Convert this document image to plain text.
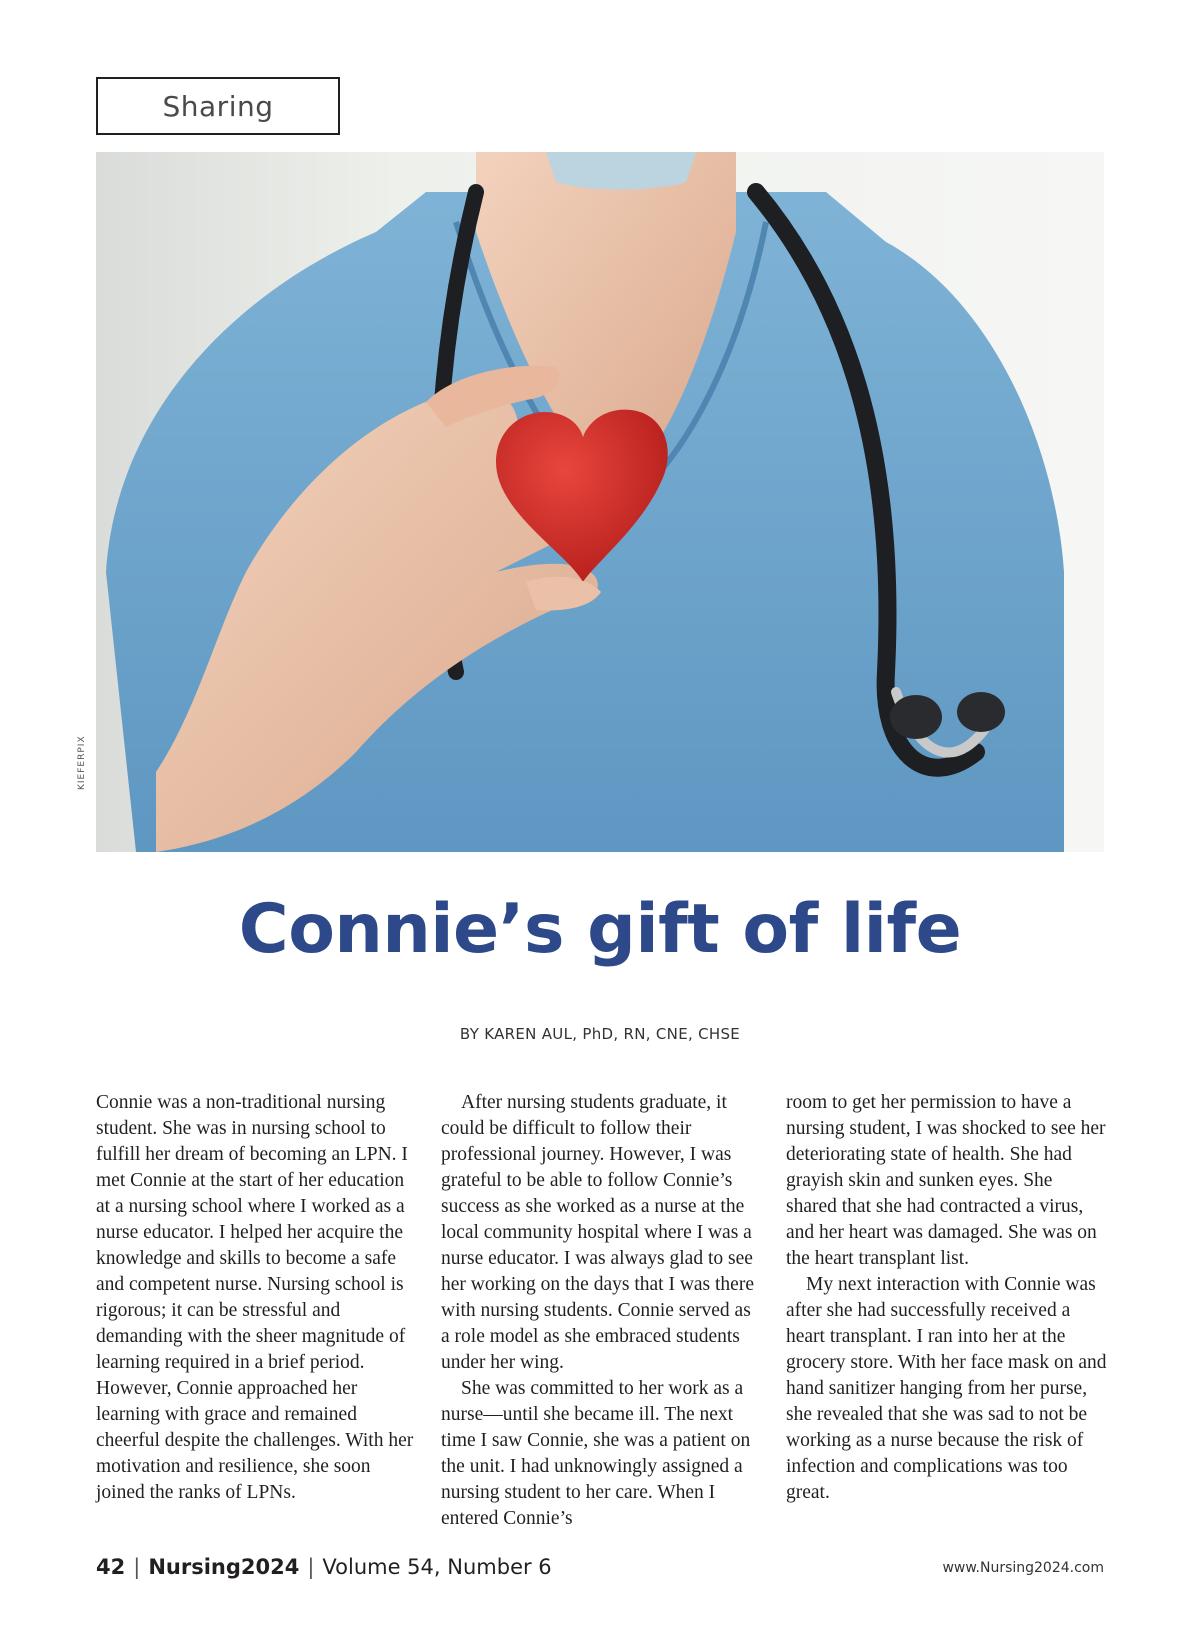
Sharing
KIEFERPIX
Connie’s gift of life
BY KAREN AUL, PhD, RN, CNE, CHSE

Connie was a non-traditional nursing student. She was in nursing school to fulfill her dream of becoming an LPN. I met Connie at the start of her education at a nursing school where I worked as a nurse educator. I helped her acquire the knowledge and skills to become a safe and competent nurse. Nursing school is rigorous; it can be stressful and demanding with the sheer magnitude of learning required in a brief period. However, Connie approached her learning with grace and remained cheerful despite the challenges. With her motivation and resilience, she soon joined the ranks of LPNs.

After nursing students graduate, it could be difficult to follow their professional journey. However, I was grateful to be able to follow Connie’s success as she worked as a nurse at the local community hospital where I was a nurse educator. I was always glad to see her working on the days that I was there with nursing students. Connie served as a role model as she embraced students under her wing.

She was committed to her work as a nurse—until she became ill. The next time I saw Connie, she was a patient on the unit. I had unknowingly assigned a nursing student to her care. When I entered Connie’s

room to get her permission to have a nursing student, I was shocked to see her deteriorating state of health. She had grayish skin and sunken eyes. She shared that she had contracted a virus, and her heart was damaged. She was on the heart transplant list.

My next interaction with Connie was after she had successfully received a heart transplant. I ran into her at the grocery store. With her face mask on and hand sanitizer hanging from her purse, she revealed that she was sad to not be working as a nurse because the risk of infection and complications was too great.

42 | Nursing2024 | Volume 54, Number 6	www.Nursing2024.com
